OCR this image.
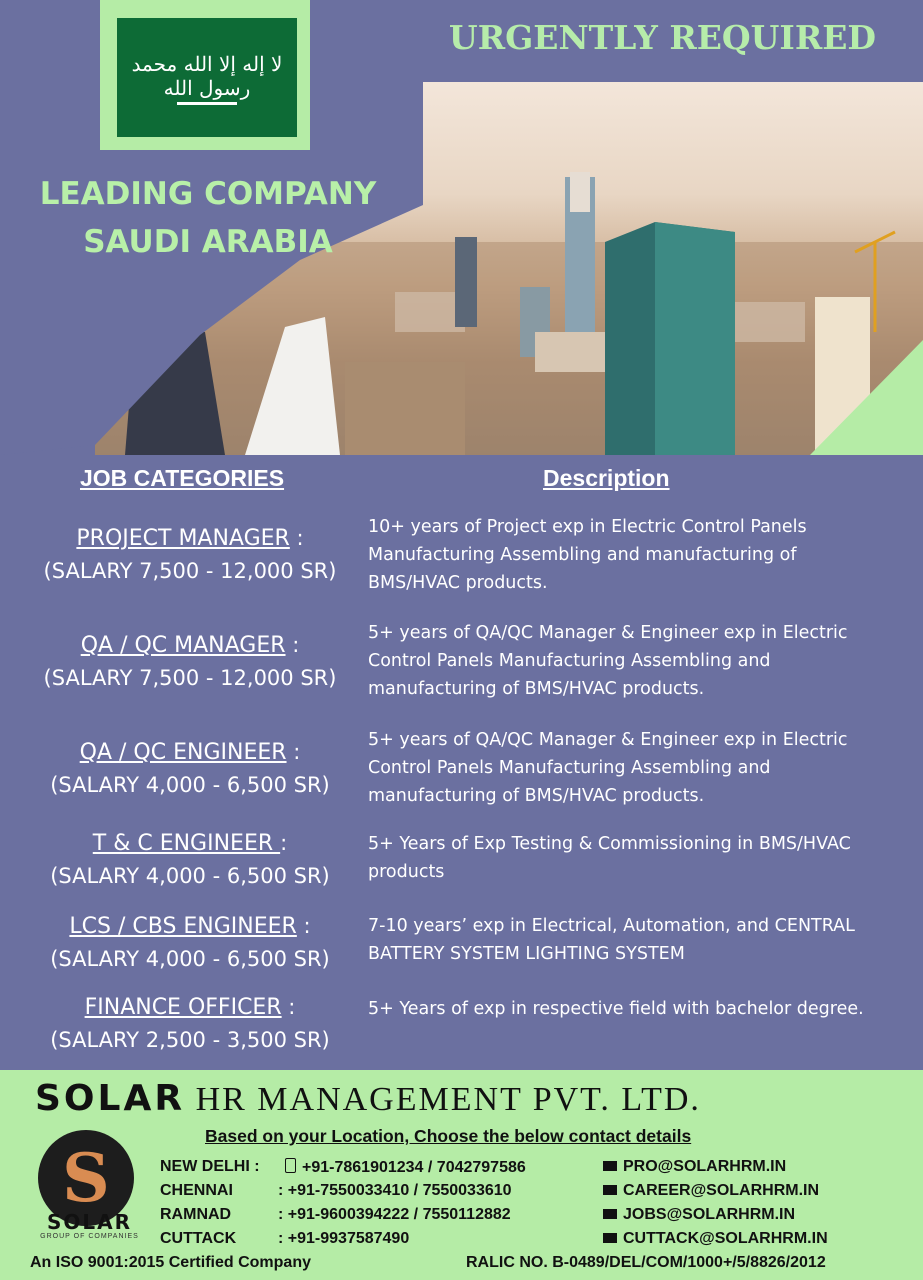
لا إله إلا الله محمد رسول الله
URGENTLY REQUIRED
LEADING COMPANY
SAUDI ARABIA
JOB CATEGORIES	Description
PROJECT MANAGER :
(SALARY 7,500 - 12,000 SR)
10+ years of Project exp in Electric Control Panels Manufacturing Assembling and manufacturing of BMS/HVAC products.
QA / QC MANAGER :
(SALARY 7,500 - 12,000 SR)
5+ years of QA/QC Manager & Engineer exp in Electric Control Panels Manufacturing Assembling and manufacturing of BMS/HVAC products.
QA / QC ENGINEER :
(SALARY 4,000 - 6,500 SR)
5+ years of QA/QC Manager & Engineer exp in Electric Control Panels Manufacturing Assembling and manufacturing of BMS/HVAC products.
T & C ENGINEER :
(SALARY 4,000 - 6,500 SR)
5+ Years of Exp Testing & Commissioning in BMS/HVAC products
LCS / CBS ENGINEER :
(SALARY 4,000 - 6,500 SR)
7-10 years’ exp in Electrical, Automation, and CENTRAL BATTERY SYSTEM LIGHTING SYSTEM
FINANCE OFFICER :
(SALARY 2,500 - 3,500 SR)
5+ Years of exp in respective field with bachelor degree.
SOLAR HR MANAGEMENT PVT. LTD.
Based on your Location, Choose the below contact details
S
SOLAR
GROUP OF COMPANIES
NEW DELHI :	+91-7861901234 / 7042797586	PRO@SOLARHRM.IN
CHENNAI	: +91-7550033410 / 7550033610	CAREER@SOLARHRM.IN
RAMNAD	: +91-9600394222 / 7550112882	JOBS@SOLARHRM.IN
CUTTACK	: +91-9937587490	CUTTACK@SOLARHRM.IN
An ISO 9001:2015 Certified Company	RALIC NO. B-0489/DEL/COM/1000+/5/8826/2012
